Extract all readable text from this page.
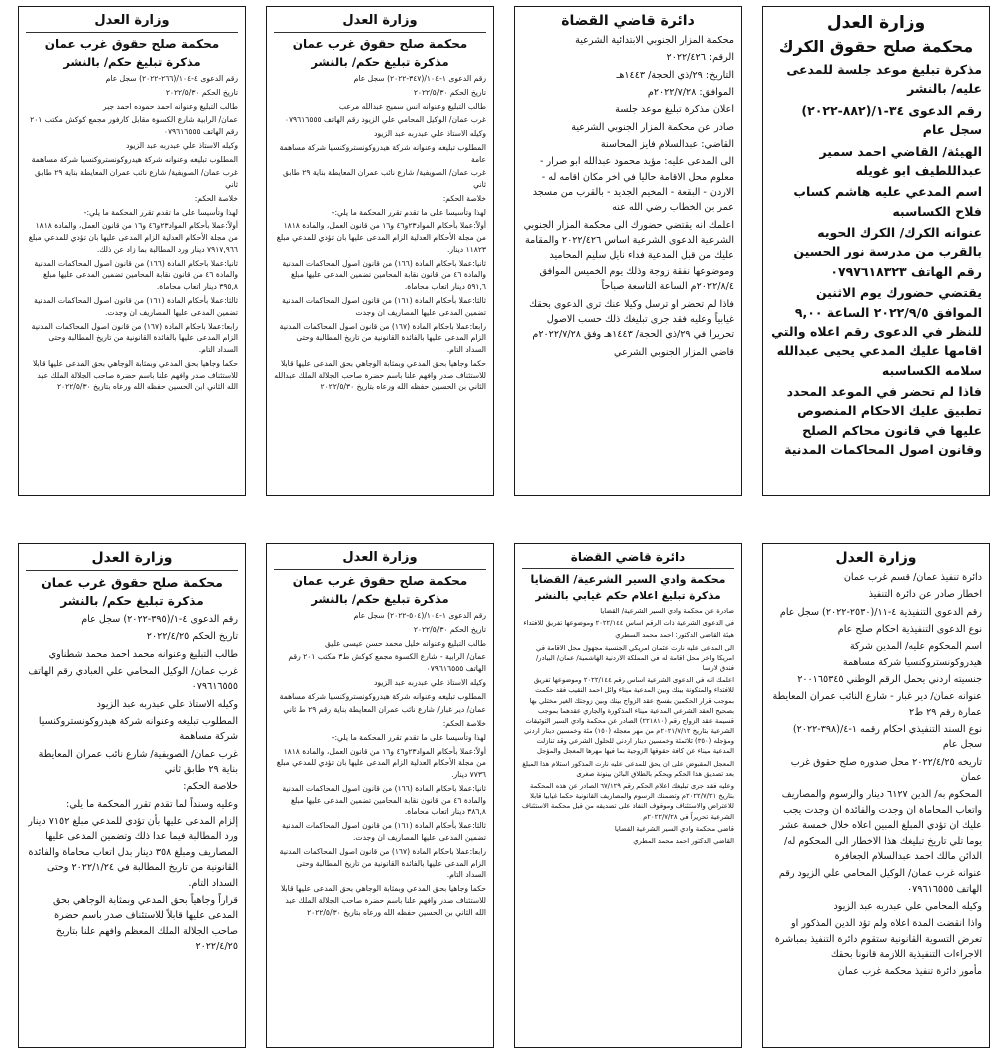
وزارة العدل
محكمة صلح حقوق الكرك

مذكرة تبليغ موعد جلسة للمدعى عليه/ بالنشر

رقم الدعوى ٣٤-١/(٨٨٢-٢٠٢٢) سجل عام

الهيئة/ القاضي احمد سمير عبداللطيف ابو غويله

اسم المدعي عليه هاشم كساب فلاح الكساسبه

عنوانه الكرك/ الكرك الحويه بالقرب من مدرسة نور الحسين رقم الهاتف ٠٧٩٧٦١٨٣٢٣

يقتضي حضورك يوم الاثنين الموافق ٢٠٢٢/٩/٥ الساعة ٩,٠٠ للنظر في الدعوى رقم اعلاه والتي اقامها عليك المدعي يحيى عبدالله سلامه الكساسبه

فاذا لم تحضر في الموعد المحدد تطبيق عليك الاحكام المنصوص عليها في قانون محاكم الصلح وقانون اصول المحاكمات المدنية

دائرة قاضي القضاة

محكمة المزار الجنوبي الابتدائية الشرعية

الرقم: ٢٠٢٢/٤٢٦

التاريخ: ٢٩/ذي الحجة/ ١٤٤٣هـ

الموافق: ٢٠٢٢/٧/٢٨م

اعلان مذكرة تبليغ موعد جلسة

صادر عن محكمة المزار الجنوبي الشرعية

القاضي: عبدالسلام فايز المحاسنة

الى المدعى عليه: مؤيد محمود عبدالله ابو صرار - معلوم محل الاقامة حاليا في اخر مكان اقامه له - الاردن - البقعة - المخيم الجديد - بالقرب من مسجد عمر بن الخطاب رضي الله عنه

اعلمك انه يقتضي حضورك الى محكمة المزار الجنوبي الشرعية الدعوى الشرعية اساس ٢٠٢٢/٤٢٦ والمقامة عليك من قبل المدعية فداء نايل سليم المحاميد وموضوعها نفقة زوجة وذلك يوم الخميس الموافق ٢٠٢٢/٨/٤م الساعة التاسعة صباحاً

فاذا لم تحضر او ترسل وكيلا عنك ترى الدعوى بحقك غيابياً وعليه فقد جرى تبليغك ذلك حسب الاصول تحريرا في ٢٩/ذي الحجة/ ١٤٤٣هـ وفق ٢٠٢٢/٧/٢٨م

قاضي المزار الجنوبي الشرعي

وزارة العدل
محكمة صلح حقوق غرب عمان
مذكرة تبليغ حكم/ بالنشر

رقم الدعوى ١-١٠٤/(٣٤٧-٢٠٢٢) سجل عام

تاريخ الحكم ٢٠٢٢/٥/٣٠

طالب التبليغ وعنوانه انس سميح عبدالله مرعب

غرب عمان/ الوكيل المحامي علي الزيود رقم الهاتف ٠٧٩٦١٦٥٥٥

وكيله الاستاذ علي عبدربه عبد الزيود

المطلوب تبليغه وعنوانه شركة هيدروكونستروكنسيا شركة مساهمة عامة

غرب عمان/ الصويفية/ شارع نائب عمران المعايطة بناية ٢٩ طابق ثاني

خلاصة الحكم:

لهذا وتأسيسا على ما تقدم تقرر المحكمة ما يلي:-

أولاً:عملا بأحكام المواد٢٣و٤٦ و١٦ من قانون العمل، والمادة ١٨١٨ من مجلة الأحكام العدلية الزام المدعى عليها بان تؤدي للمدعي مبلغ ١١٨٢٣ دينار.

ثانيا:عملا باحكام المادة (١٦٦) من قانون اصول المحاكمات المدنية والمادة ٤٦ من قانون نقابة المحامين تضمين المدعى عليها مبلغ ٥٩١,٦ دينار اتعاب محاماة.

ثالثا:عملا بأحكام المادة (١٦١) من قانون اصول المحاكمات المدنية تضمين المدعى عليها المصاريف ان وجدت

رابعا:عملا باحكام المادة (١٦٧) من قانون اصول المحاكمات المدنية الزام المدعى عليها بالفائدة القانونية من تاريخ المطالبة وحتى السداد التام.

حكما وجاهيا بحق المدعي وبمثابة الوجاهي بحق المدعى عليها قابلا للاستئناف صدر وافهم علنا باسم حضرة صاحب الجلالة الملك عبدالله الثاني بن الحسين حفظه الله ورعاه بتاريخ ٢٠٢٢/٥/٣٠

وزارة العدل
محكمة صلح حقوق غرب عمان
مذكرة تبليغ حكم/ بالنشر

رقم الدعوى ٤-١٠٤/(٢٦٦-٢٠٢٢) سجل عام

تاريخ الحكم ٢٠٢٢/٥/٣٠

طالب التبليغ وعنوانه احمد حموده احمد جبر

عمان/ الرابية شارع الكسوة مقابل كارفور مجمع كوكش مكتب ٢٠١ رقم الهاتف ٠٧٩٦١٦٥٥٥

وكيله الاستاذ علي عبدربه عبد الزيود

المطلوب تبليغه وعنوانه شركة هيدروكونستروكنسيا شركة مساهمة

غرب عمان/ الصويفية/ شارع نائب عمران المعايطة بناية ٢٩ طابق ثاني

خلاصة الحكم:

لهذا وتأسيسا على ما تقدم تقرر المحكمة ما يلي:-

أولاً:عملا بأحكام المواد٢٣و٤٦ و١٦ من قانون العمل، والمادة ١٨١٨ من مجلة الأحكام العدلية الزام المدعى عليها بان تؤدي للمدعي مبلغ ٧٩١٧,٩٦٦ دينار ورد المطالبة بما زاد عن ذلك.

ثانيا:عملا باحكام المادة (١٦٦) من قانون اصول المحاكمات المدنية والمادة ٤٦ من قانون نقابة المحامين تضمين المدعى عليها مبلغ ٣٩٥,٨ دينار اتعاب محاماة.

ثالثا:عملا بأحكام المادة (١٦١) من قانون اصول المحاكمات المدنية تضمين المدعى عليها المصاريف ان وجدت.

رابعا:عملا باحكام المادة (١٦٧) من قانون اصول المحاكمات المدنية الزام المدعى عليها بالفائدة القانونية من تاريخ المطالبة وحتى السداد التام.

حكما وجاهيا بحق المدعي وبمثابة الوجاهي بحق المدعى عليها قابلا للاستئناف صدر وافهم علنا باسم حضرة صاحب الجلالة الملك عبد الله الثاني ابن الحسين حفظه الله ورعاه بتاريخ ٢٠٢٢/٥/٣٠

وزارة العدل

دائرة تنفيذ عمان/ قسم غرب عمان

اخطار صادر عن دائرة التنفيذ

رقم الدعوى التنفيذية ٤-١١/(٢٥٣٠-٢٠٢٢) سجل عام

نوع الدعوى التنفيذية احكام صلح عام

اسم المحكوم عليه/ المدين شركة هيدروكونستروكنسيا شركة مساهمة

جنسيته اردني يحمل الرقم الوطني ٢٠٠١٦٥٣٤٥

عنوانه عمان/ دير غبار - شارع النائب عمران المعايطة عمارة رقم ٢٩ ط٢

نوع السند التنفيذي احكام رقمه ١-٤/(٣٩٨-٢٠٢٢) سجل عام

تاريخه ٢٠٢٢/٤/٢٥ محل صدوره صلح حقوق غرب عمان

المحكوم به/ الدين ٦١٢٧ دينار والرسوم والمصاريف واتعاب المحاماة ان وجدت والفائدة ان وجدت يجب عليك ان تؤدي المبلغ المبين اعلاه خلال خمسة عشر يوما تلي تاريخ تبليغك هذا الاخطار الى المحكوم له/ الدائن مالك احمد عبدالسلام الجعافرة

عنوانه غرب عمان/ الوكيل المحامي علي الزيود رقم الهاتف ٠٧٩٦١٦٥٥٥

وكيله المحامي علي عبدربه عبد الزيود

واذا انقضت المدة اعلاه ولم تؤد الدين المذكور او تعرض التسوية القانونية ستقوم دائرة التنفيذ بمباشرة الاجراءات التنفيذية اللازمة قانونا بحقك

مأمور دائرة تنفيذ محكمة غرب عمان

دائرة قاضي القضاة
محكمة وادي السير الشرعية/ القضايا
مذكرة تبليغ اعلام حكم غيابي بالنشر

صادرة عن محكمة وادي السير الشرعية/ القضايا

في الدعوى الشرعية ذات الرقم اساس ٢٠٢٢/١٤٤ وموضوعها تفريق للافتداء

هيئة القاضي الدكتور: احمد محمد السطري

الى المدعى عليه نارت عثمان امريكي الجنسية مجهول محل الاقامة في امريكا واخر محل اقامة له في المملكة الاردنية الهاشمية/ عمان/ البيادر/ فندق لارسا

اعلمك انه في الدعوى الشرعية اساس رقم ٢٠٢٢/١٤٤ وموضوعها تفريق للافتداء والمتكونة بينك وبين المدعية ميناء وائل احمد النقيب فقد حكمت بموجب قرار الحكمين بفسخ عقد الزواج بينك وبين زوجتك الغير مختلي بها بصحيح العقد الشرعي المدعية ميناء المذكورة والجاري عقدهما بموجب قسيمة عقد الزواج رقم (٢٢١٨١٠) الصادر عن محكمة وادي السير التوثيقات الشرعية بتاريخ ٢٠٢١/٧/١٢م من مهر معجله (١٥٠) مئة وخمسين دينار اردني ومؤجله (٣٥٠) ثلاثمئة وخمسين دينار اردني للحلول الشرعي وقد تنازلت المدعية ميناء عن كافة حقوقها الزوجية بما فيها مهرها المعجل والمؤجل

المعجل المقبوض على ان يحق للمدعى عليه نارت المذكور استلام هذا المبلغ بعد تصديق هذا الحكم ويحكم بالطلاق البائن بينونة صغرى

وعليه فقد جرى تبليغك اعلام الحكم رقم ٦٧/١٢٩ الصادر عن هذه المحكمة بتاريخ ٢٠٢٢/٧/٢١م وتضمنك الرسوم والمصاريف القانونية حكما غيابيا قابلا للاعتراض والاستئناف وموقوف النفاذ على تصديقه من قبل محكمة الاستئناف الشرعية تحريراً في ٢٠٢٢/٧/٢٨م

قاضي محكمة وادي السير الشرعية القضايا

القاضي الدكتور احمد محمد المطري

وزارة العدل
محكمة صلح حقوق غرب عمان
مذكرة تبليغ حكم/ بالنشر

رقم الدعوى ١-١٠٤/(٥٠٤-٢٠٢٢) سجل عام

تاريخ الحكم ٢٠٢٢/٥/٣٠

طالب التبليغ وعنوانه خليل محمد حسن عيسى عليق

عمان/ الرابية - شارع الكسوة مجمع كوكش ط٣ مكتب ٢٠١ رقم الهاتف ٠٧٩٦١٦٥٥٥

وكيله الاستاذ علي عبدربه عبد الزيود

المطلوب تبليغه وعنوانه شركة هيدروكونستروكنسيا شركة مساهمة

عمان/ دير غبار/ شارع نائب عمران المعايطة بناية رقم ٢٩ ط ثاني

خلاصة الحكم:

لهذا وتأسيسا على ما تقدم تقرر المحكمة ما يلي:-

أولاً:عملا بأحكام المواد٢٣و٤٦ و١٦ من قانون العمل، والمادة ١٨١٨ من مجلة الأحكام العدلية الزام المدعى عليها بان تؤدي للمدعي مبلغ ٧٧٣٦ دينار.

ثانيا:عملا باحكام المادة (١٦٦) من قانون اصول المحاكمات المدنية والمادة ٤٦ من قانون نقابة المحامين تضمين المدعى عليها مبلغ ٣٨٦,٨ دينار اتعاب محاماة.

ثالثا:عملا بأحكام المادة (١٦١) من قانون اصول المحاكمات المدنية تضمين المدعى عليها المصاريف ان وجدت.

رابعا:عملا باحكام المادة (١٦٧) من قانون اصول المحاكمات المدنية الزام المدعى عليها بالفائدة القانونية من تاريخ المطالبة وحتى السداد التام.

حكما وجاهيا بحق المدعي وبمثابة الوجاهي بحق المدعى عليها قابلا للاستئناف صدر وافهم علنا باسم حضرة صاحب الجلالة الملك عبد الله الثاني بن الحسين حفظه الله ورعاه بتاريخ ٢٠٢٢/٥/٣٠

وزارة العدل
محكمة صلح حقوق غرب عمان
مذكرة تبليغ حكم/ بالنشر

رقم الدعوى ٤-١/(٣٩٥-٢٠٢٢) سجل عام

تاريخ الحكم ٢٠٢٢/٤/٢٥

طالب التبليغ وعنوانه محمد احمد محمد شطناوي

غرب عمان/ الوكيل المحامي علي العبادي رقم الهاتف ٠٧٩٦١٦٥٥٥

وكيله الاستاذ علي عبدربه عبد الزيود

المطلوب تبليغه وعنوانه شركة هيدروكونستروكنسيا شركة مساهمة

غرب عمان/ الصويفية/ شارع نائب عمران المعايطة بناية ٢٩ طابق ثاني

خلاصة الحكم:

وعليه وسنداً لما تقدم تقرر المحكمة ما يلي:

إلزام المدعى عليها بأن تؤدي للمدعي مبلغ ٧١٥٢ دينار ورد المطالبة فيما عدا ذلك وتضمين المدعى عليها المصاريف ومبلغ ٣٥٨ دينار بدل اتعاب محاماة والفائدة القانونية من تاريخ المطالبة في ٢٠٢٢/١/٢٤ وحتى السداد التام.

قراراً وجاهياً بحق المدعي وبمثابة الوجاهي بحق المدعى عليها قابلاً للاستئناف صدر باسم حضرة صاحب الجلالة الملك المعظم وافهم علنا بتاريخ ٢٠٢٢/٤/٢٥
